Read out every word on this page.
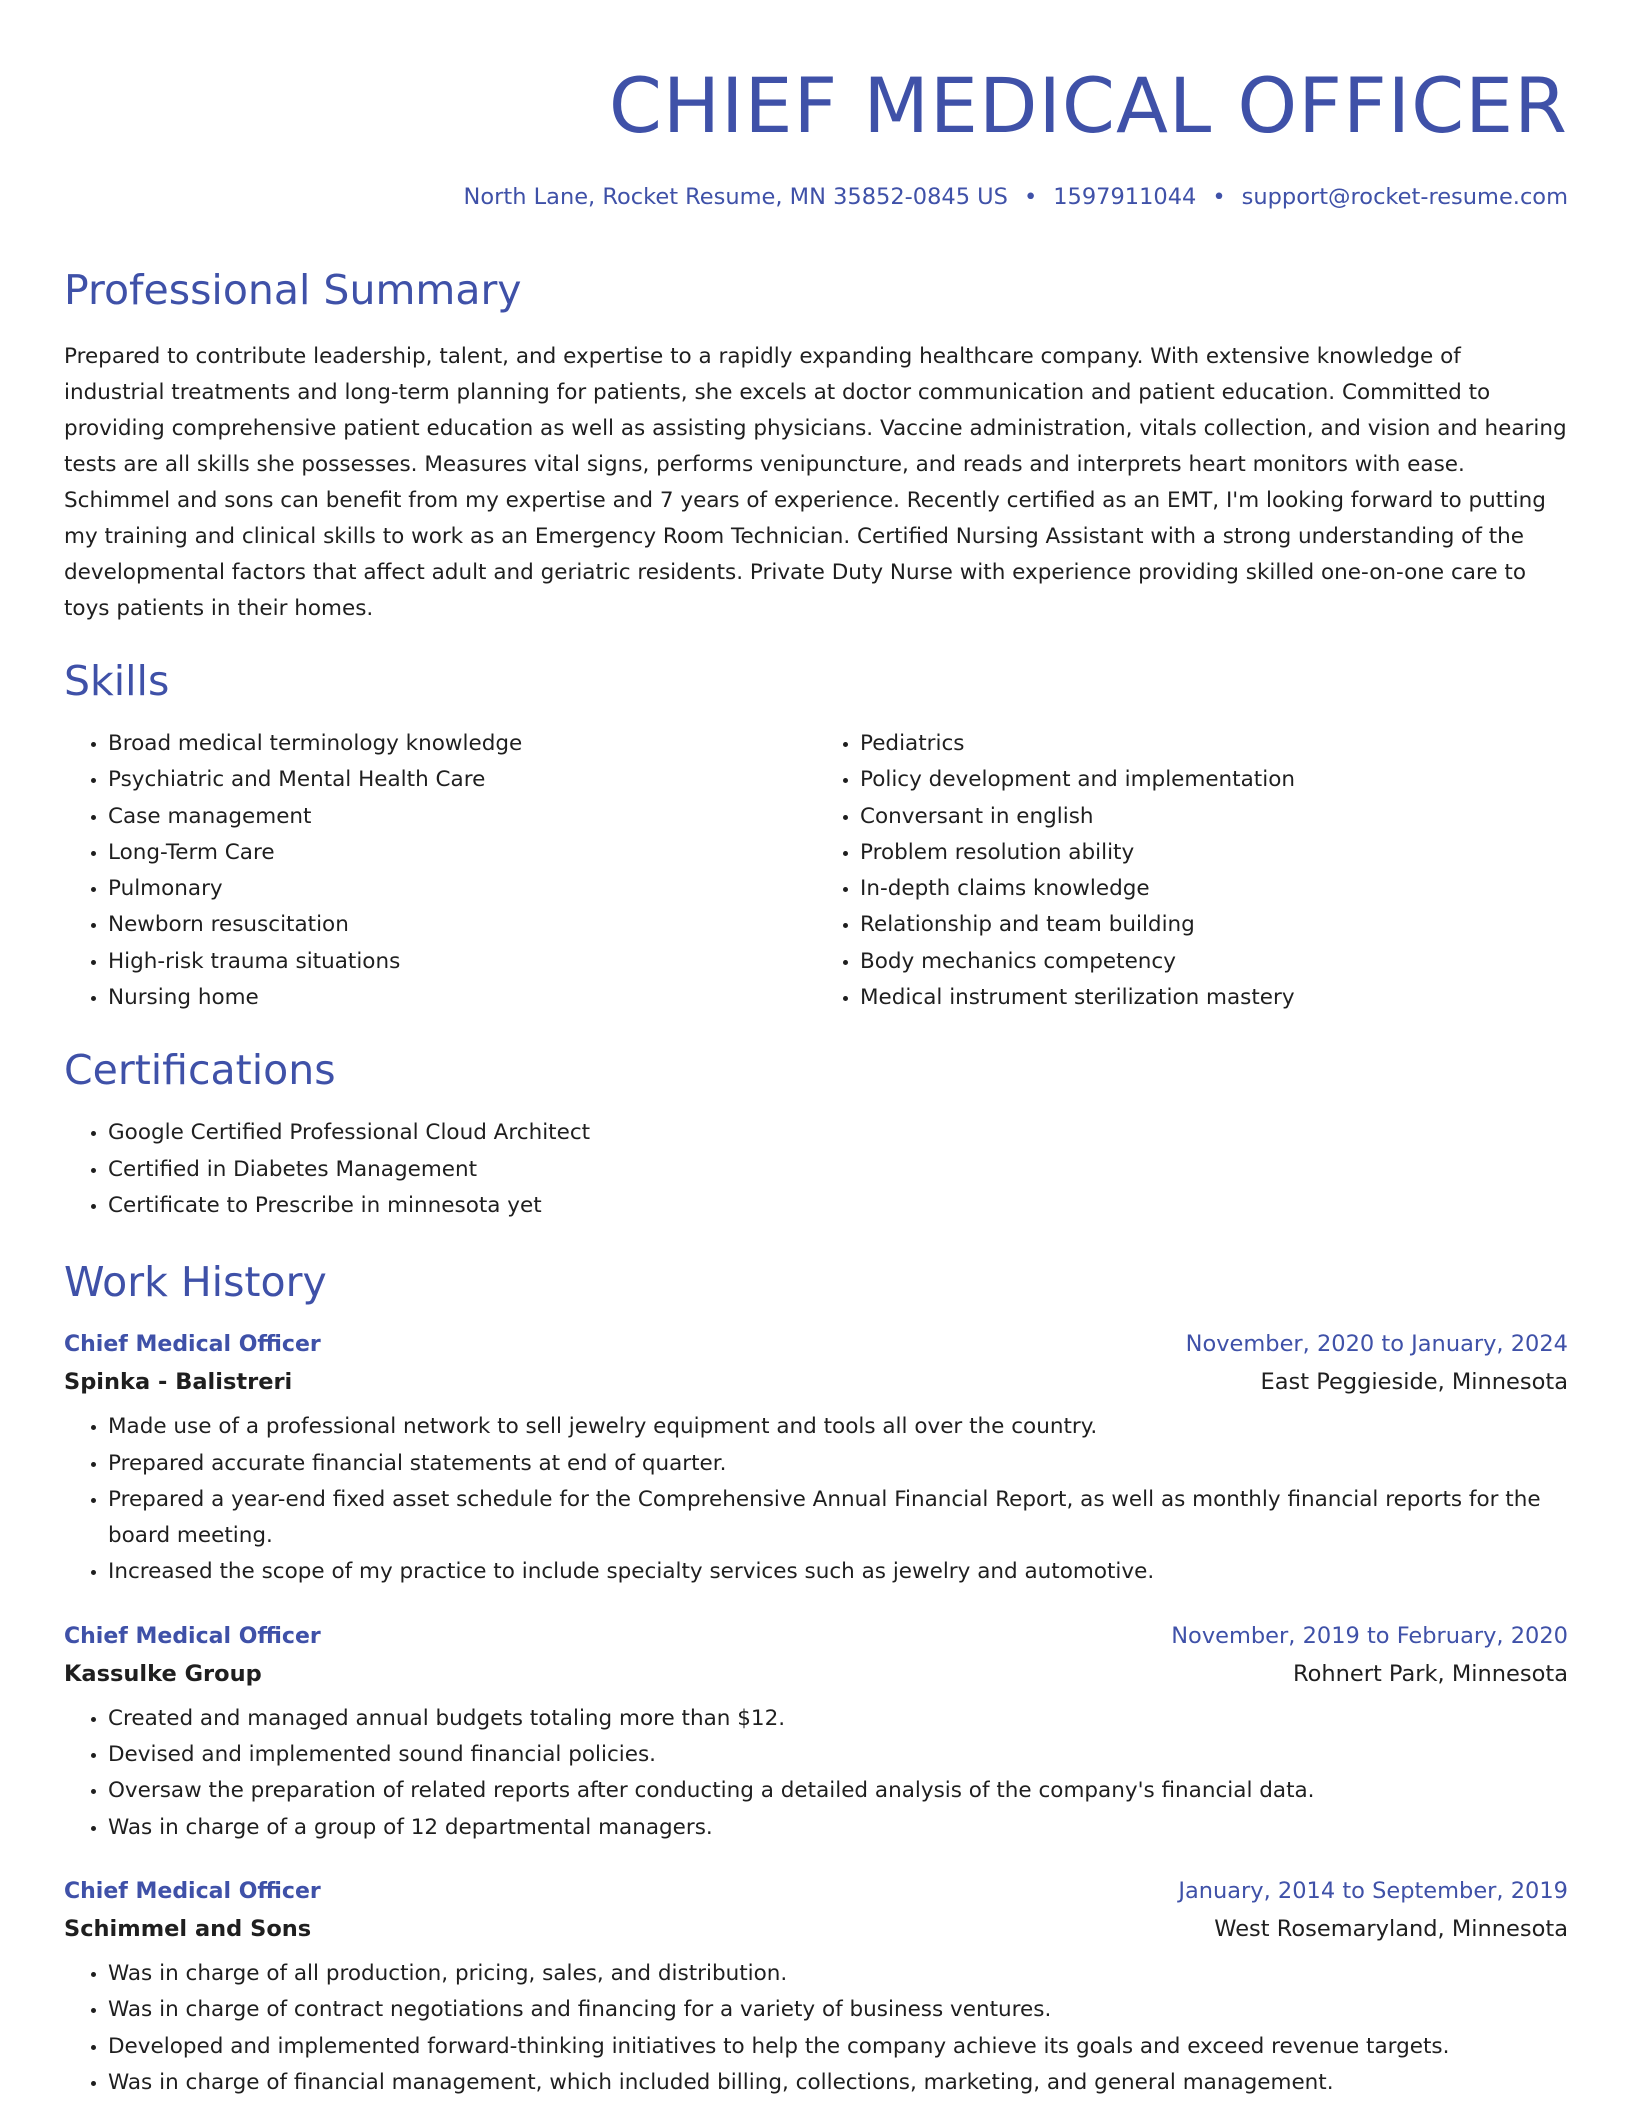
CHIEF MEDICAL OFFICER
North Lane, Rocket Resume, MN 35852-0845 US • 1597911044 • support@rocket-resume.com
Professional Summary
Prepared to contribute leadership, talent, and expertise to a rapidly expanding healthcare company. With extensive knowledge of industrial treatments and long-term planning for patients, she excels at doctor communication and patient education. Committed to providing comprehensive patient education as well as assisting physicians. Vaccine administration, vitals collection, and vision and hearing tests are all skills she possesses. Measures vital signs, performs venipuncture, and reads and interprets heart monitors with ease. Schimmel and sons can benefit from my expertise and 7 years of experience. Recently certified as an EMT, I'm looking forward to putting my training and clinical skills to work as an Emergency Room Technician. Certified Nursing Assistant with a strong understanding of the developmental factors that affect adult and geriatric residents. Private Duty Nurse with experience providing skilled one-on-one care to toys patients in their homes.
Skills
• Broad medical terminology knowledge
• Psychiatric and Mental Health Care
• Case management
• Long-Term Care
• Pulmonary
• Newborn resuscitation
• High-risk trauma situations
• Nursing home
• Pediatrics
• Policy development and implementation
• Conversant in english
• Problem resolution ability
• In-depth claims knowledge
• Relationship and team building
• Body mechanics competency
• Medical instrument sterilization mastery
Certifications
• Google Certified Professional Cloud Architect
• Certified in Diabetes Management
• Certificate to Prescribe in minnesota yet
Work History
Chief Medical Officer	November, 2020 to January, 2024
Spinka - Balistreri	East Peggieside, Minnesota
• Made use of a professional network to sell jewelry equipment and tools all over the country.
• Prepared accurate financial statements at end of quarter.
• Prepared a year-end fixed asset schedule for the Comprehensive Annual Financial Report, as well as monthly financial reports for the board meeting.
• Increased the scope of my practice to include specialty services such as jewelry and automotive.
Chief Medical Officer	November, 2019 to February, 2020
Kassulke Group	Rohnert Park, Minnesota
• Created and managed annual budgets totaling more than $12.
• Devised and implemented sound financial policies.
• Oversaw the preparation of related reports after conducting a detailed analysis of the company's financial data.
• Was in charge of a group of 12 departmental managers.
Chief Medical Officer	January, 2014 to September, 2019
Schimmel and Sons	West Rosemaryland, Minnesota
• Was in charge of all production, pricing, sales, and distribution.
• Was in charge of contract negotiations and financing for a variety of business ventures.
• Developed and implemented forward-thinking initiatives to help the company achieve its goals and exceed revenue targets.
• Was in charge of financial management, which included billing, collections, marketing, and general management.
